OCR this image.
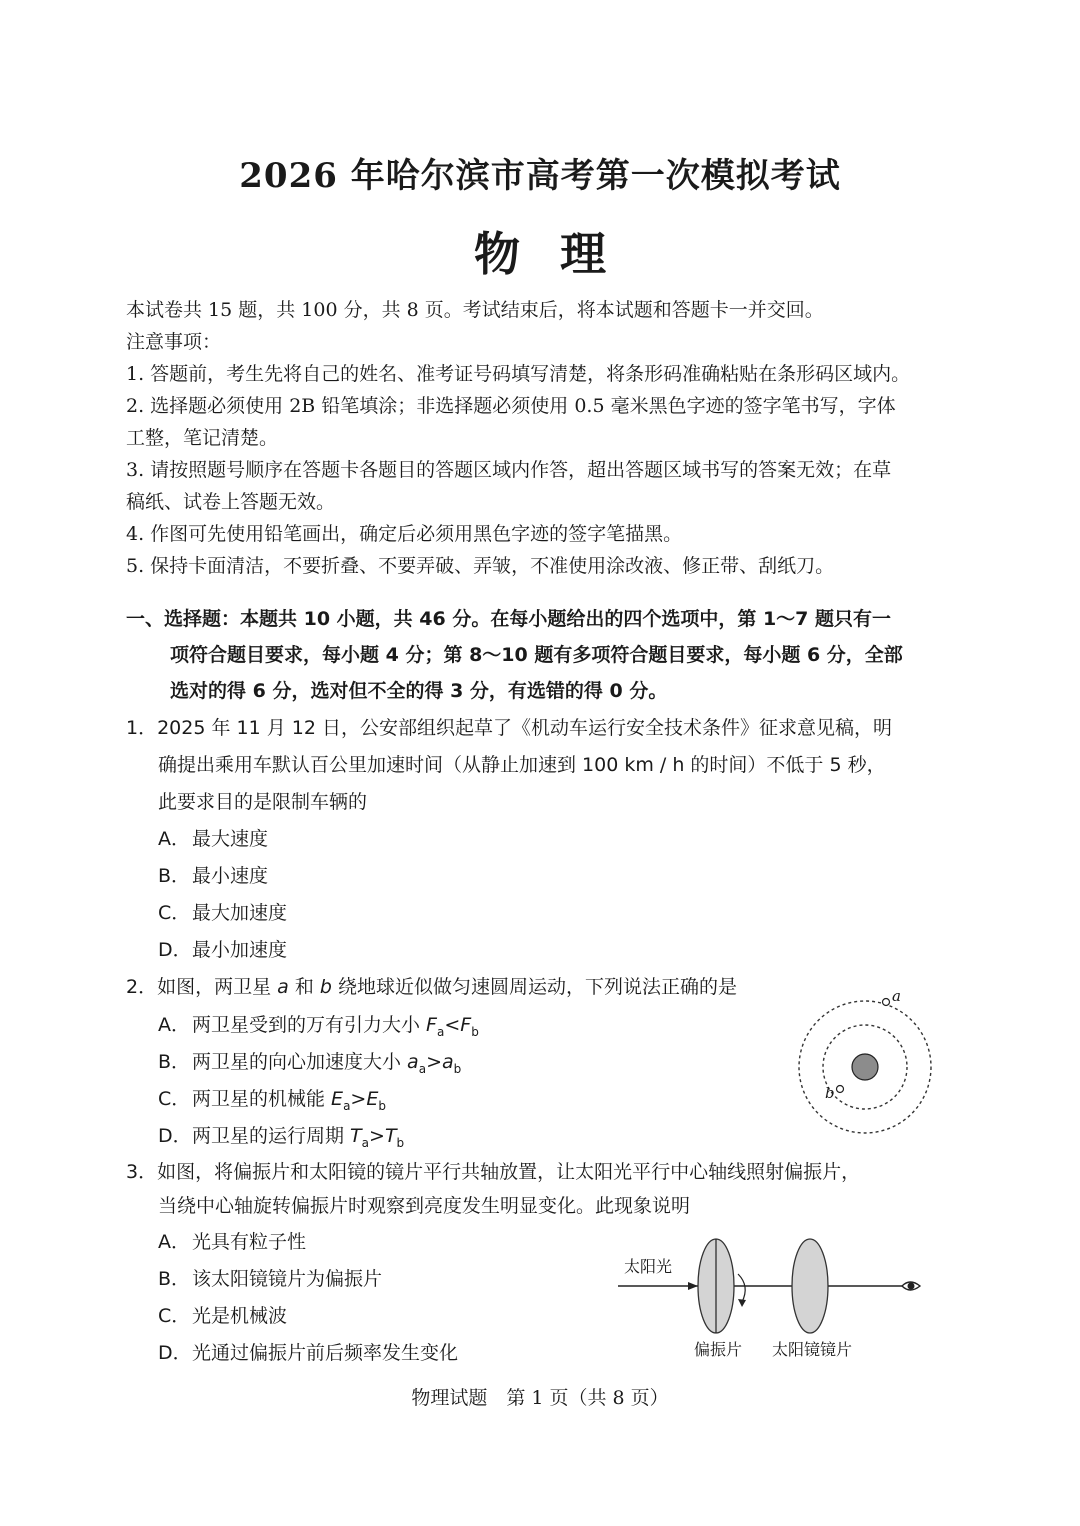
2026 年哈尔滨市高考第一次模拟考试
物理
本试卷共 15 题，共 100 分，共 8 页。考试结束后，将本试题和答题卡一并交回。
注意事项：
1. 答题前，考生先将自己的姓名、准考证号码填写清楚，将条形码准确粘贴在条形码区域内。
2. 选择题必须使用 2B 铅笔填涂；非选择题必须使用 0.5 毫米黑色字迹的签字笔书写，字体
工整，笔记清楚。
3. 请按照题号顺序在答题卡各题目的答题区域内作答，超出答题区域书写的答案无效；在草
稿纸、试卷上答题无效。
4. 作图可先使用铅笔画出，确定后必须用黑色字迹的签字笔描黑。
5. 保持卡面清洁，不要折叠、不要弄破、弄皱，不准使用涂改液、修正带、刮纸刀。
一、选择题：本题共 10 小题，共 46 分。在每小题给出的四个选项中，第 1～7 题只有一
项符合题目要求，每小题 4 分；第 8～10 题有多项符合题目要求，每小题 6 分，全部
选对的得 6 分，选对但不全的得 3 分，有选错的得 0 分。
1．2025 年 11 月 12 日，公安部组织起草了《机动车运行安全技术条件》征求意见稿，明
确提出乘用车默认百公里加速时间（从静止加速到 100 km / h 的时间）不低于 5 秒，
此要求目的是限制车辆的
A． 最大速度
B． 最小速度
C．最大加速度
D．最小加速度
2．如图，两卫星 a 和 b 绕地球近似做匀速圆周运动，下列说法正确的是
A． 两卫星受到的万有引力大小 $F_a<F_b$
B． 两卫星的向心加速度大小 $a_a>a_b$
C．两卫星的机械能 $E_a>E_b$
D．两卫星的运行周期 $T_a>T_b$
a
b
3．如图，将偏振片和太阳镜的镜片平行共轴放置，让太阳光平行中心轴线照射偏振片，
当绕中心轴旋转偏振片时观察到亮度发生明显变化。此现象说明
A． 光具有粒子性
B． 该太阳镜镜片为偏振片
C．光是机械波
D．光通过偏振片前后频率发生变化
太阳光
偏振片 太阳镜镜片
物理试题　第 1 页（共 8 页）
